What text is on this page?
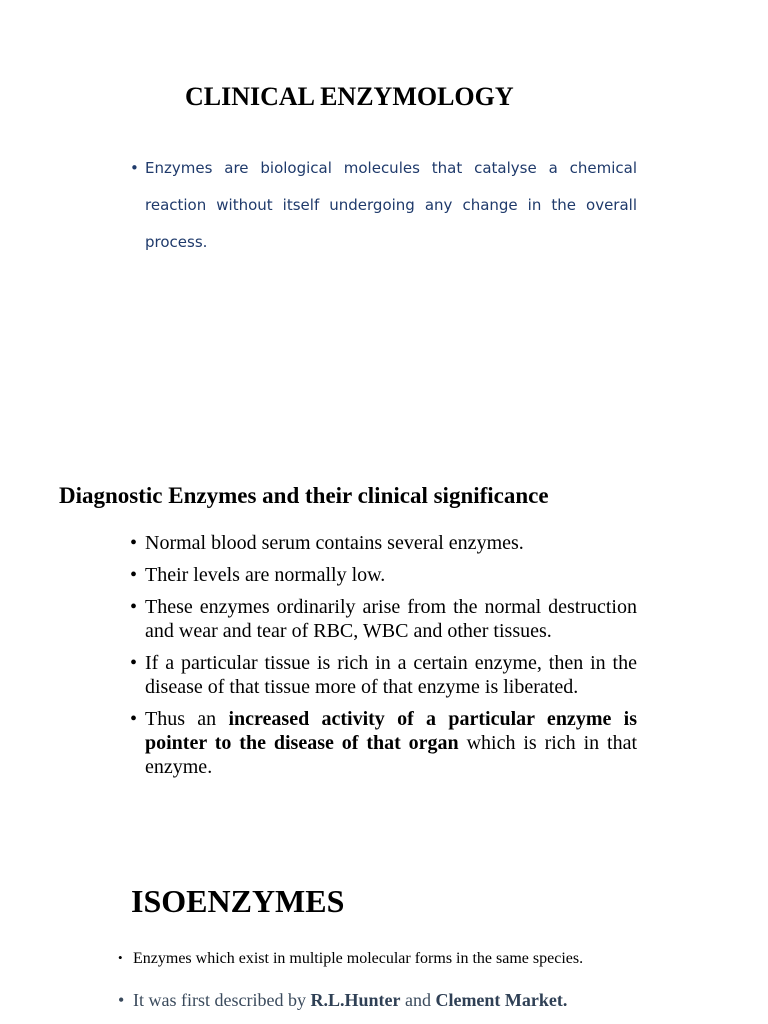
CLINICAL ENZYMOLOGY
• Enzymes are biological molecules that catalyse a chemical reaction without itself undergoing any change in the overall process.
Diagnostic Enzymes and their clinical significance
• Normal blood serum contains several enzymes.
• Their levels are normally low.
• These enzymes ordinarily arise from the normal destruction and wear and tear of RBC, WBC and other tissues.
• If a particular tissue is rich in a certain enzyme, then in the disease of that tissue more of that enzyme is liberated.
• Thus an increased activity of a particular enzyme is pointer to the disease of that organ which is rich in that enzyme.
ISOENZYMES

• Enzymes which exist in multiple molecular forms in the same species.

• It was first described by R.L.Hunter and Clement Market.
